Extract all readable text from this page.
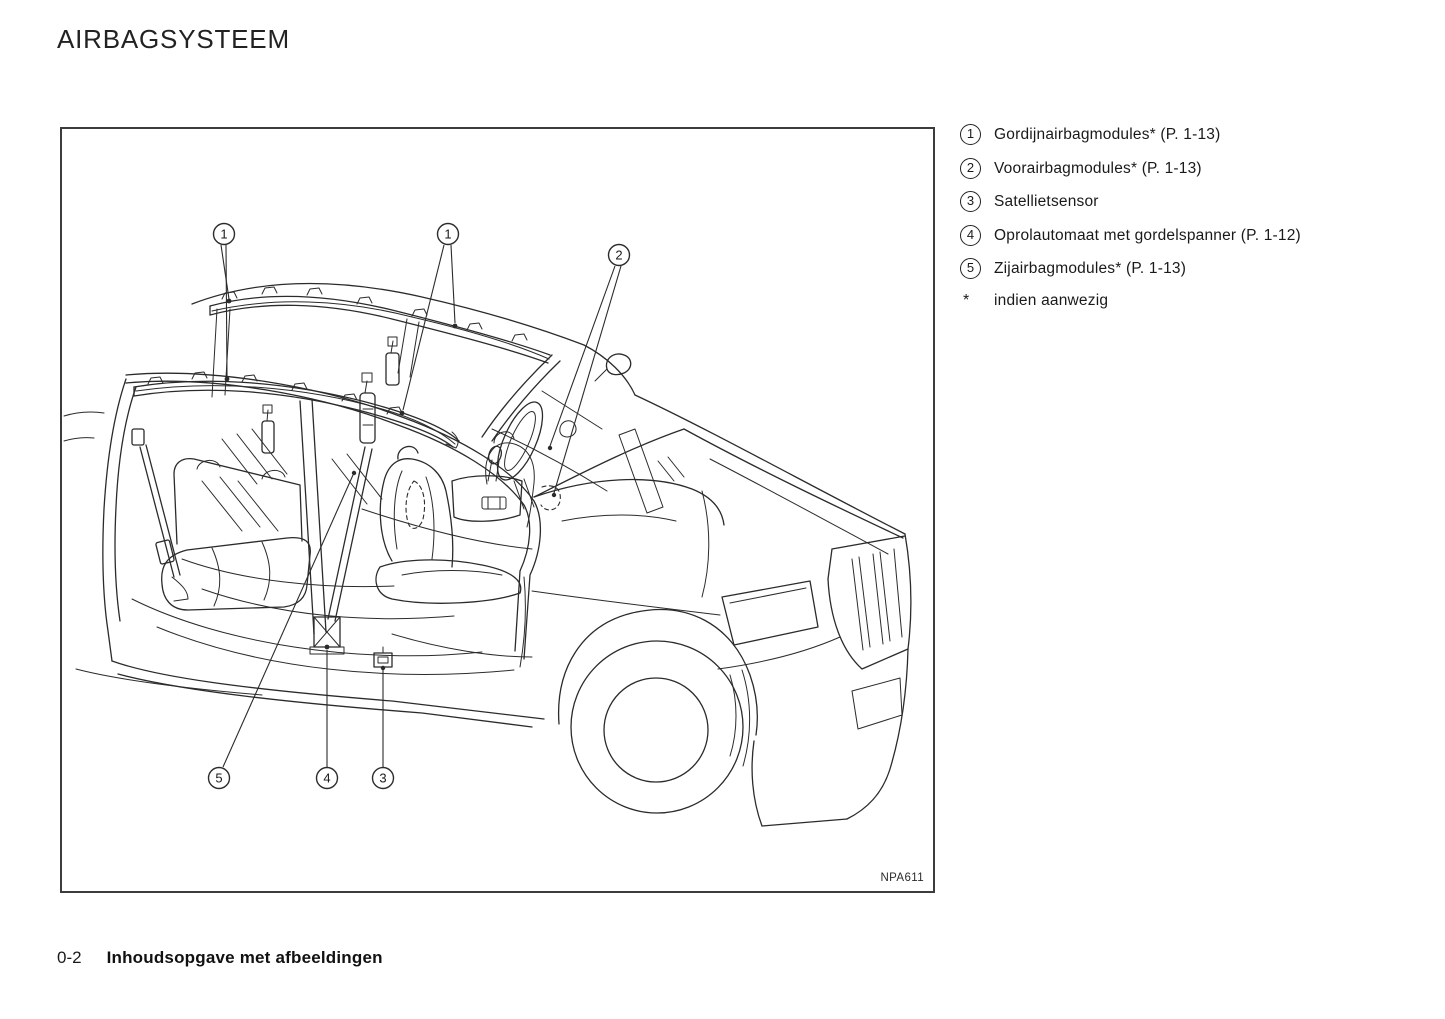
AIRBAGSYSTEEM
1	1
2
5	4	3
NPA611
1	Gordijnairbagmodules* (P. 1-13)
2	Voorairbagmodules* (P. 1-13)
3	Satellietsensor
4	Oprolautomaat met gordelspanner (P. 1-12)
5	Zijairbagmodules* (P. 1-13)
*	indien aanwezig
0-2 Inhoudsopgave met afbeeldingen
